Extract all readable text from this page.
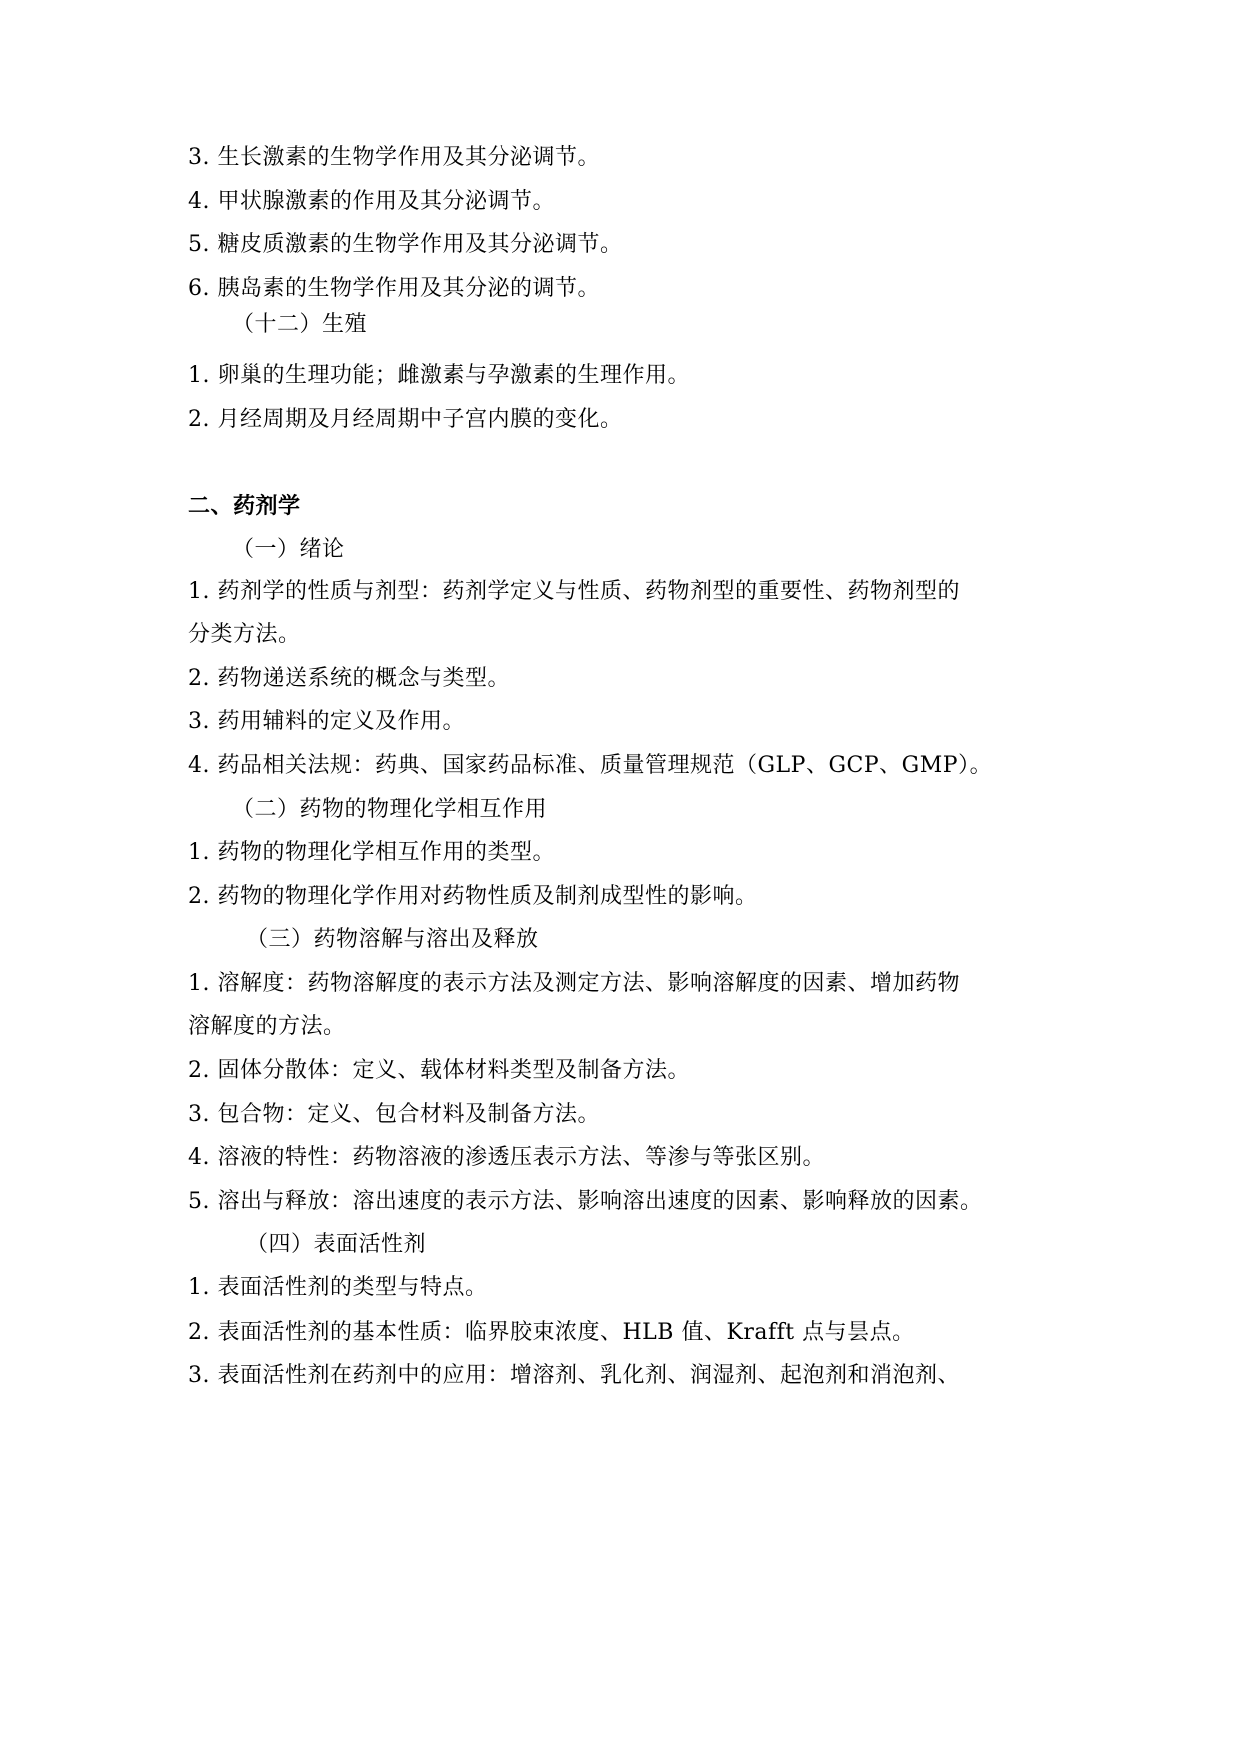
3. 生长激素的生物学作用及其分泌调节。
4. 甲状腺激素的作用及其分泌调节。
5. 糖皮质激素的生物学作用及其分泌调节。
6. 胰岛素的生物学作用及其分泌的调节。
（十二）生殖
1. 卵巢的生理功能；雌激素与孕激素的生理作用。
2. 月经周期及月经周期中子宫内膜的变化。
二、药剂学
（一）绪论
1. 药剂学的性质与剂型：药剂学定义与性质、药物剂型的重要性、药物剂型的
分类方法。
2. 药物递送系统的概念与类型。
3. 药用辅料的定义及作用。
4. 药品相关法规：药典、国家药品标准、质量管理规范（GLP、GCP、GMP）。
（二）药物的物理化学相互作用
1. 药物的物理化学相互作用的类型。
2. 药物的物理化学作用对药物性质及制剂成型性的影响。
（三）药物溶解与溶出及释放
1. 溶解度：药物溶解度的表示方法及测定方法、影响溶解度的因素、增加药物
溶解度的方法。
2. 固体分散体：定义、载体材料类型及制备方法。
3. 包合物：定义、包合材料及制备方法。
4. 溶液的特性：药物溶液的渗透压表示方法、等渗与等张区别。
5. 溶出与释放：溶出速度的表示方法、影响溶出速度的因素、影响释放的因素。
（四）表面活性剂
1. 表面活性剂的类型与特点。
2. 表面活性剂的基本性质：临界胶束浓度、HLB 值、Krafft 点与昙点。
3. 表面活性剂在药剂中的应用：增溶剂、乳化剂、润湿剂、起泡剂和消泡剂、
